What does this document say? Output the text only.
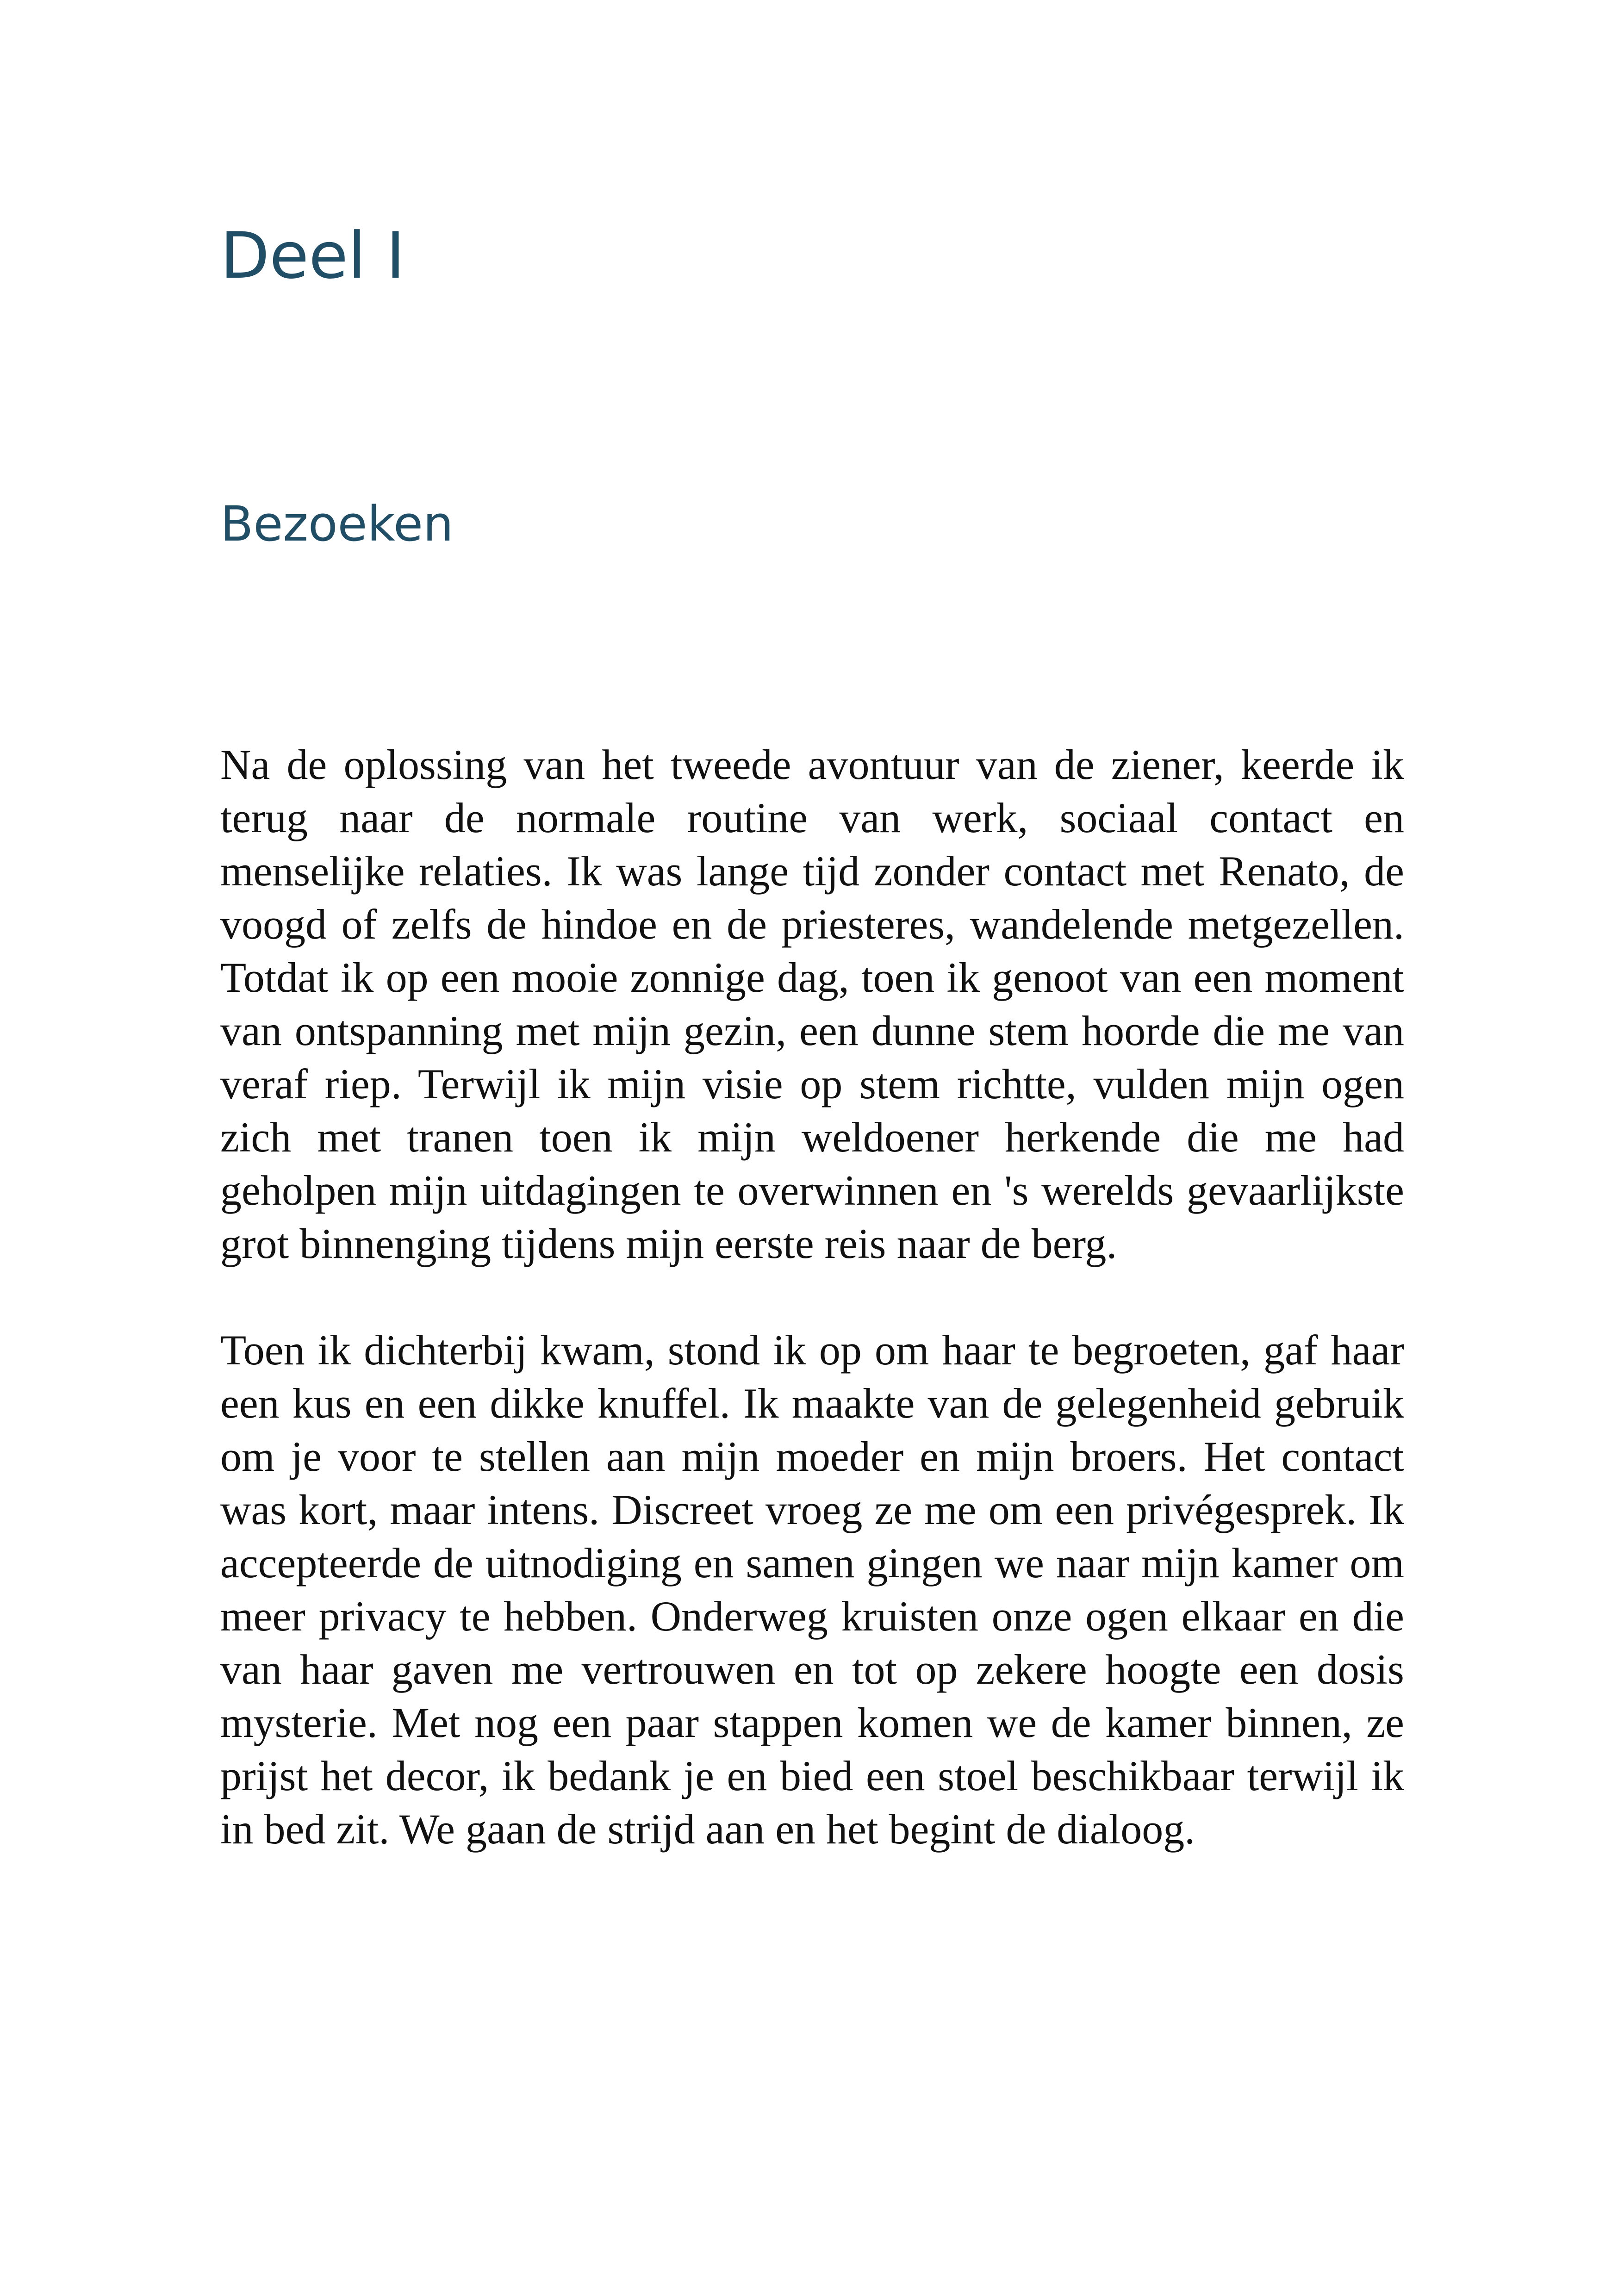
Deel I
Bezoeken

Na de oplossing van het tweede avontuur van de ziener, keerde ik terug naar de normale routine van werk, sociaal contact en menselijke relaties. Ik was lange tijd zonder contact met Renato, de voogd of zelfs de hindoe en de priesteres, wandelende metgezellen. Totdat ik op een mooie zonnige dag, toen ik genoot van een moment van ontspanning met mijn gezin, een dunne stem hoorde die me van veraf riep. Terwijl ik mijn visie op stem richtte, vulden mijn ogen zich met tranen toen ik mijn weldoener herkende die me had geholpen mijn uitdagingen te overwinnen en 's werelds gevaarlijkste grot binnenging tijdens mijn eerste reis naar de berg.

Toen ik dichterbij kwam, stond ik op om haar te begroeten, gaf haar een kus en een dikke knuffel. Ik maakte van de gelegenheid gebruik om je voor te stellen aan mijn moeder en mijn broers. Het contact was kort, maar intens. Discreet vroeg ze me om een privégesprek. Ik accepteerde de uitnodiging en samen gingen we naar mijn kamer om meer privacy te hebben. Onderweg kruisten onze ogen elkaar en die van haar gaven me vertrouwen en tot op zekere hoogte een dosis mysterie. Met nog een paar stappen komen we de kamer binnen, ze prijst het decor, ik bedank je en bied een stoel beschikbaar terwijl ik in bed zit. We gaan de strijd aan en het begint de dialoog.
